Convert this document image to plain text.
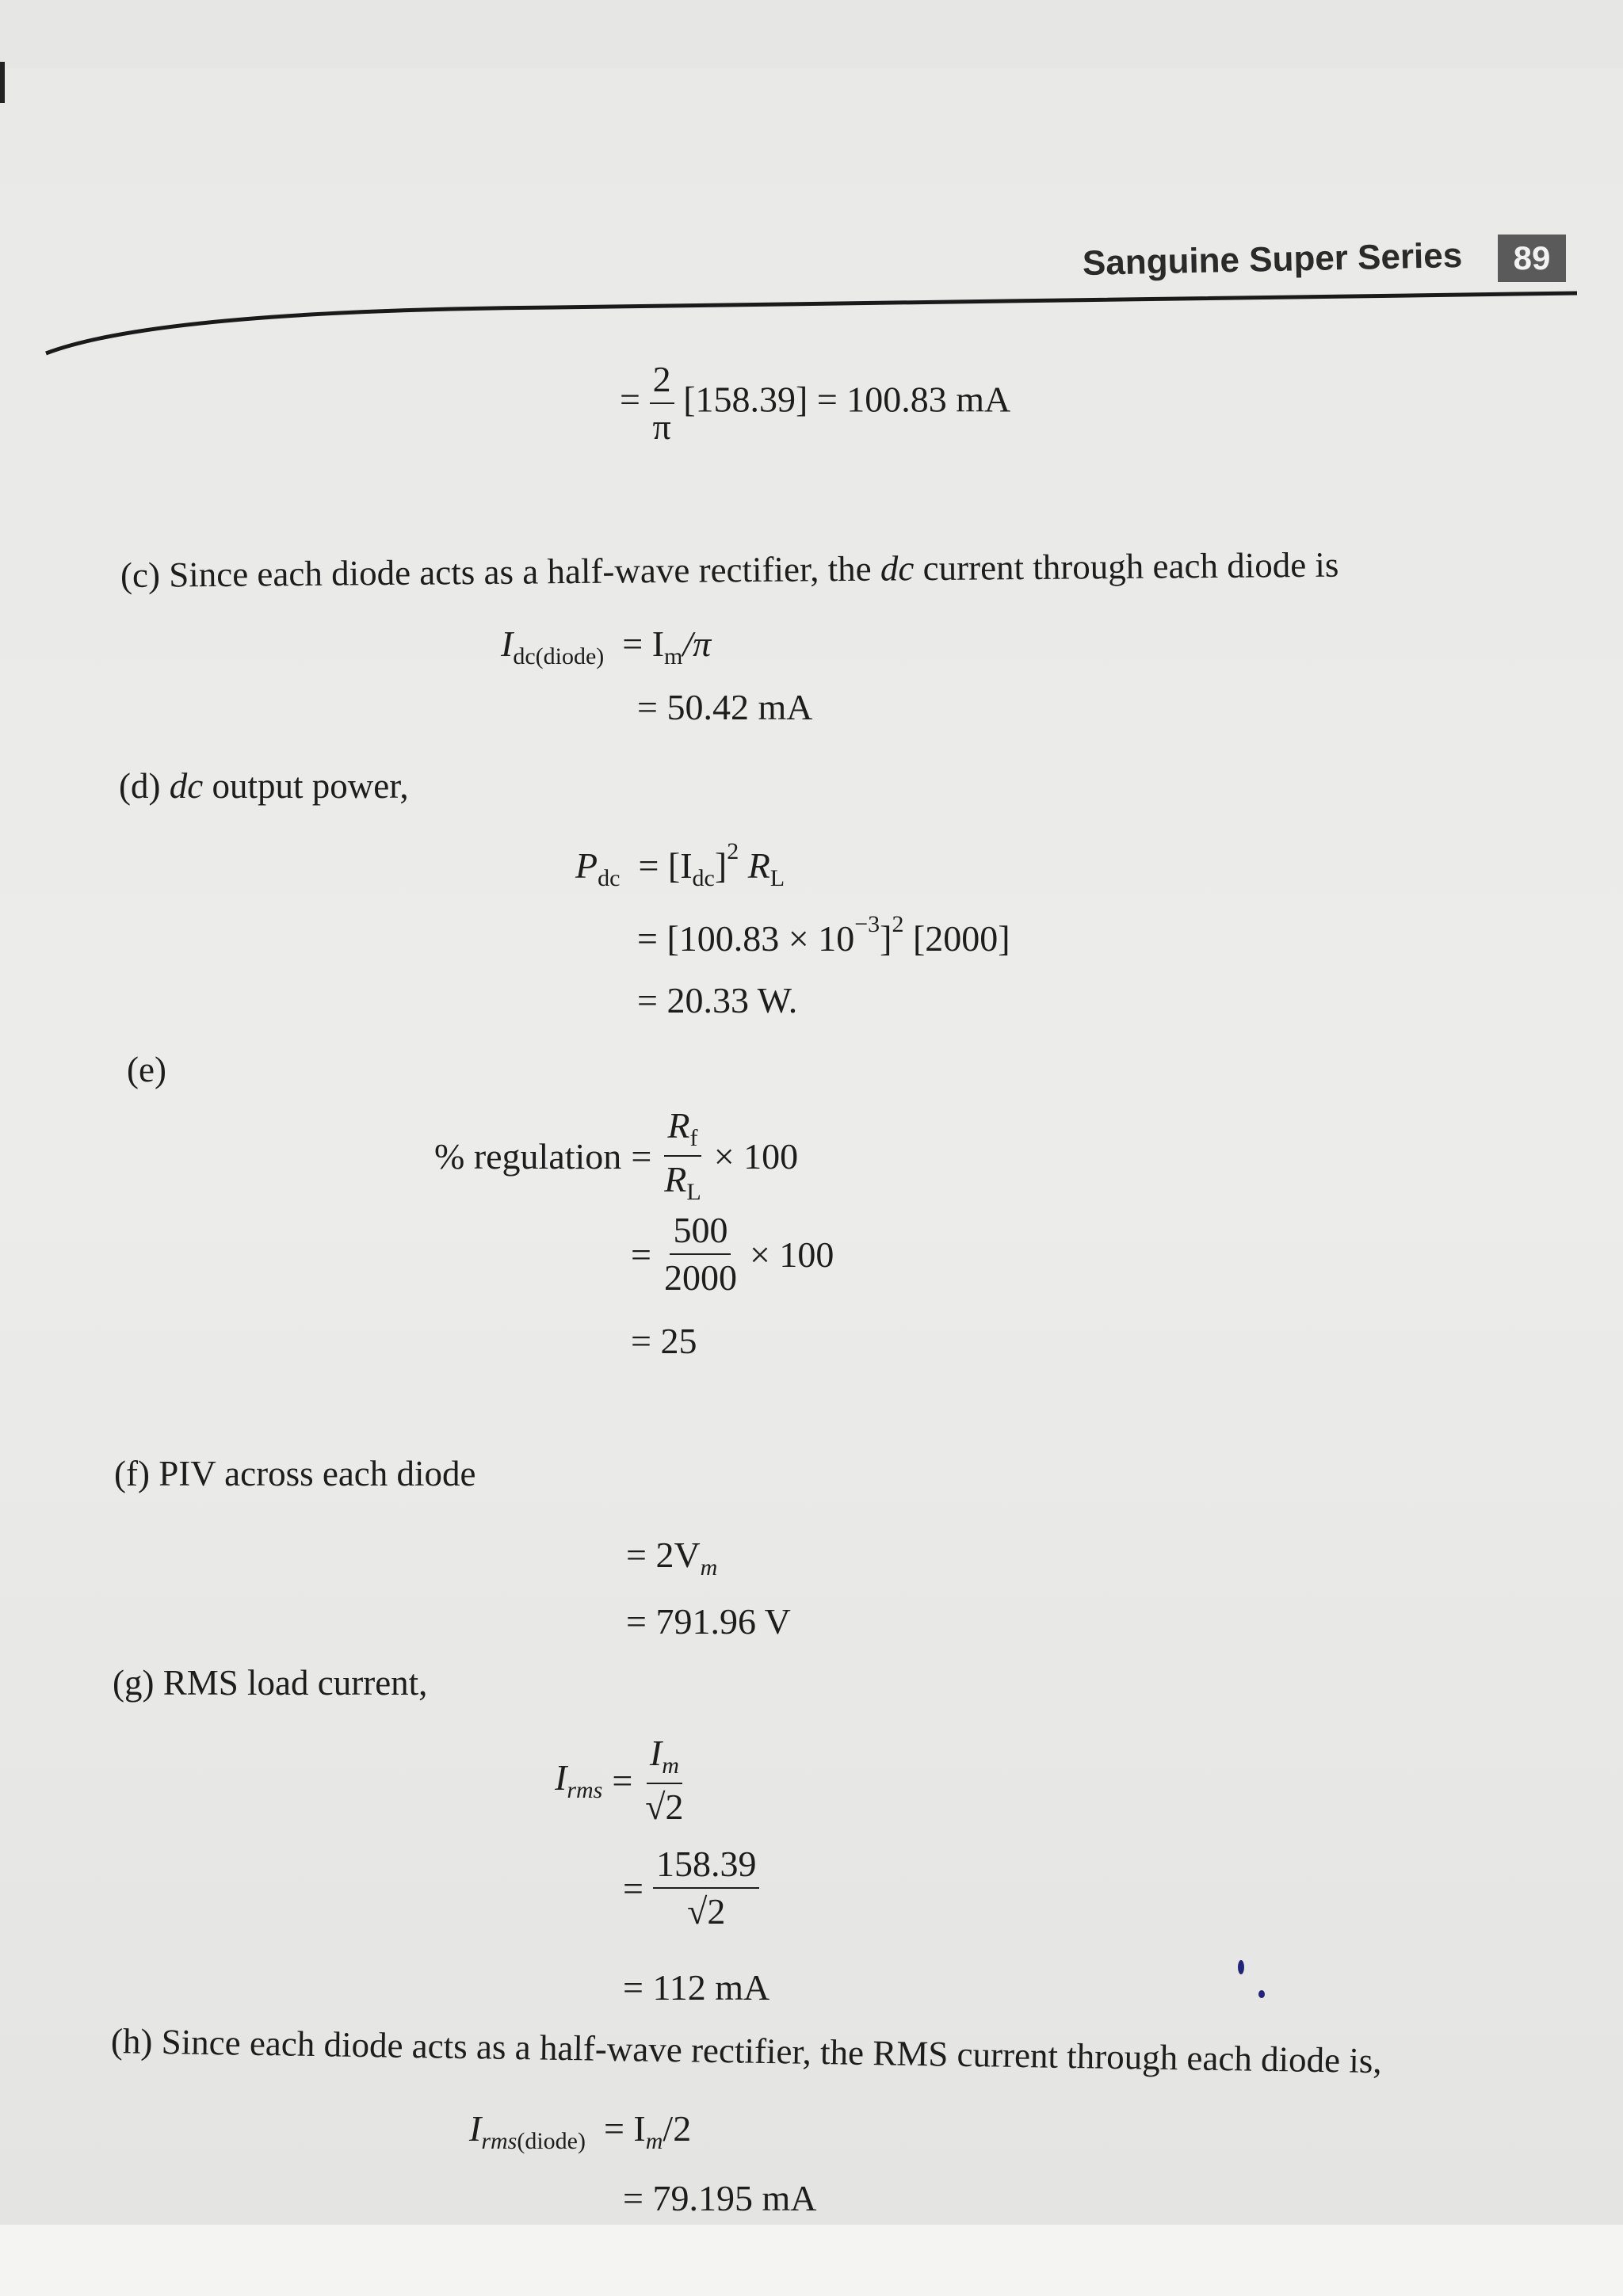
Sanguine Super Series	89
= $\frac{2}{\pi} [158.39] = 100.83$ mA
(c) Since each diode acts as a half-wave rectifier, the dc current through each diode is
$I_{dc(diode)} = I_m/\pi$
= 50.42 mA
(d) dc output power,
$P_{dc} = [I_{dc}]^2$ $R_L$
= $[100.83 \times 10^{-3}]^2$ [2000]
= 20.33 W.
(e)
% regulation = $\frac{R_f}{R_L} \times 100$
= $\frac{500}{2000} \times 100$
= 25
(f) PIV across each diode
= $2V_m$
= 791.96 V
(g) RMS load current,
$I_{rms} = \frac{I_m}{√2}$
= $\frac{158.39}{√2}$
= 112 mA
(h) Since each diode acts as a half-wave rectifier, the RMS current through each diode is,
$I_{rms(diode)} = I_m/2$
= 79.195 mA
